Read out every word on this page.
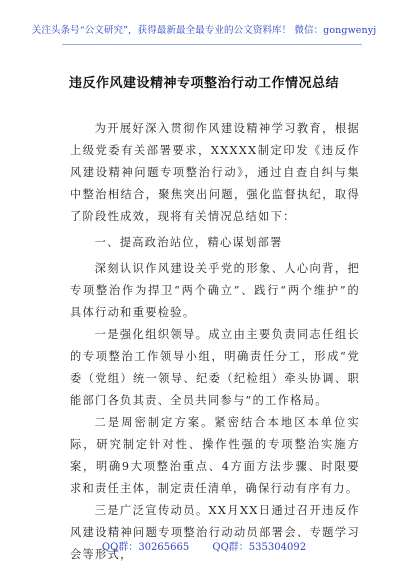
关注头条号“公文研究”，获得最新最全最专业的公文资料库！ 微信：gongwenyj
违反作风建设精神专项整治行动工作情况总结

为开展好深入贯彻作风建设精神学习教育，根据上级党委有关部署要求，XXXXX制定印发《违反作风建设精神问题专项整治行动》，通过自查自纠与集中整治相结合，聚焦突出问题，强化监督执纪，取得了阶段性成效，现将有关情况总结如下：

一、提高政治站位，精心谋划部署

深刻认识作风建设关乎党的形象、人心向背，把专项整治作为捍卫“两个确立”、践行“两个维护”的具体行动和重要检验。

一是强化组织领导。成立由主要负责同志任组长的专项整治工作领导小组，明确责任分工，形成“党委（党组）统一领导、纪委（纪检组）牵头协调、职能部门各负其责、全员共同参与”的工作格局。

二是周密制定方案。紧密结合本地区本单位实际，研究制定针对性、操作性强的专项整治实施方案，明确9大项整治重点、4方面方法步骤、时限要求和责任主体，制定责任清单，确保行动有序有力。

三是广泛宣传动员。XX月XX日通过召开违反作风建设精神问题专项整治行动动员部署会、专题学习会等形式，

QQ群：30265665 QQ群：535304092
